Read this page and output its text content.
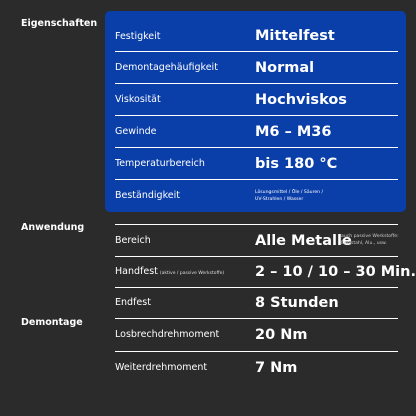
Eigenschaften
Anwendung
Demontage
Festigkeit	Mittelfest
Demontagehäufigkeit	Normal
Viskosität	Hochviskos
Gewinde	M6 – M36
Temperaturbereich	bis 180 °C
Beständigkeit	Lösungsmittel / Öle / Säuren /
UV-Strahlen / Wasser
Bereich	Alle Metalle
auch passive Werkstoffe:
Edelstahl, Alu., usw.
Handfest (aktive / passive Werkstoffe) 2 – 10 / 10 – 30 Min.
Endfest	8 Stunden
Losbrechdrehmoment 20 Nm
Weiterdrehmoment	7 Nm
